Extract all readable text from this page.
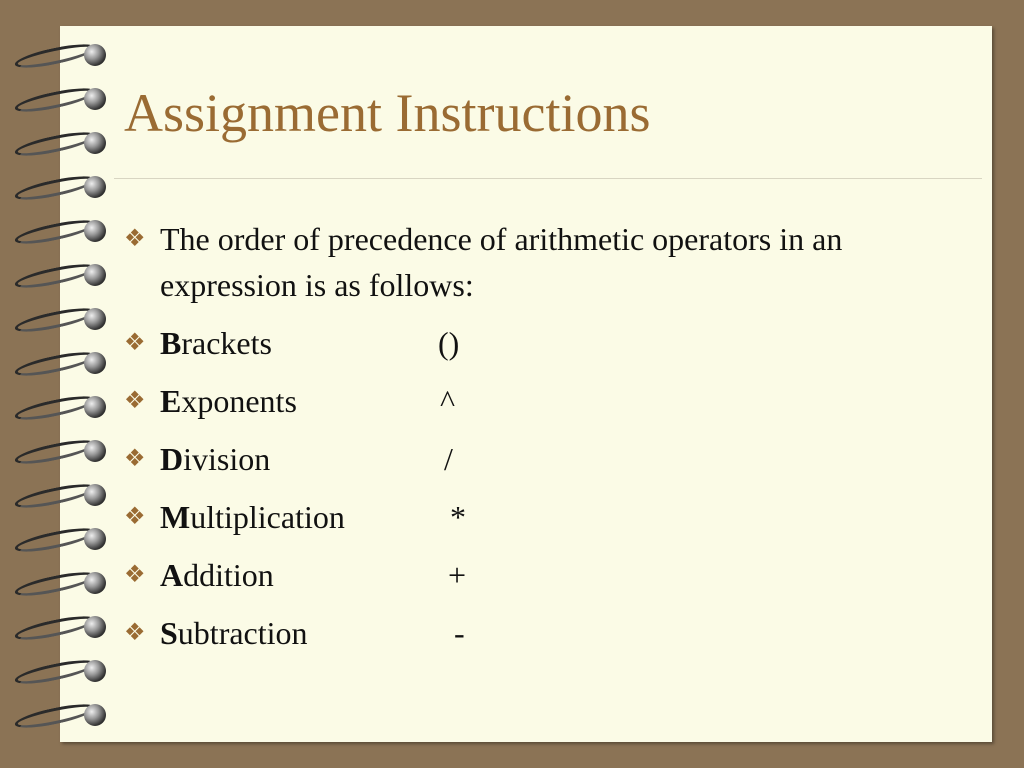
Assignment Instructions
❖ The order of precedence of arithmetic operators in an expression is as follows:
❖ Brackets	()
❖ Exponents	^
❖ Division	/
❖ Multiplication	*
❖ Addition	+
❖ Subtraction	-
